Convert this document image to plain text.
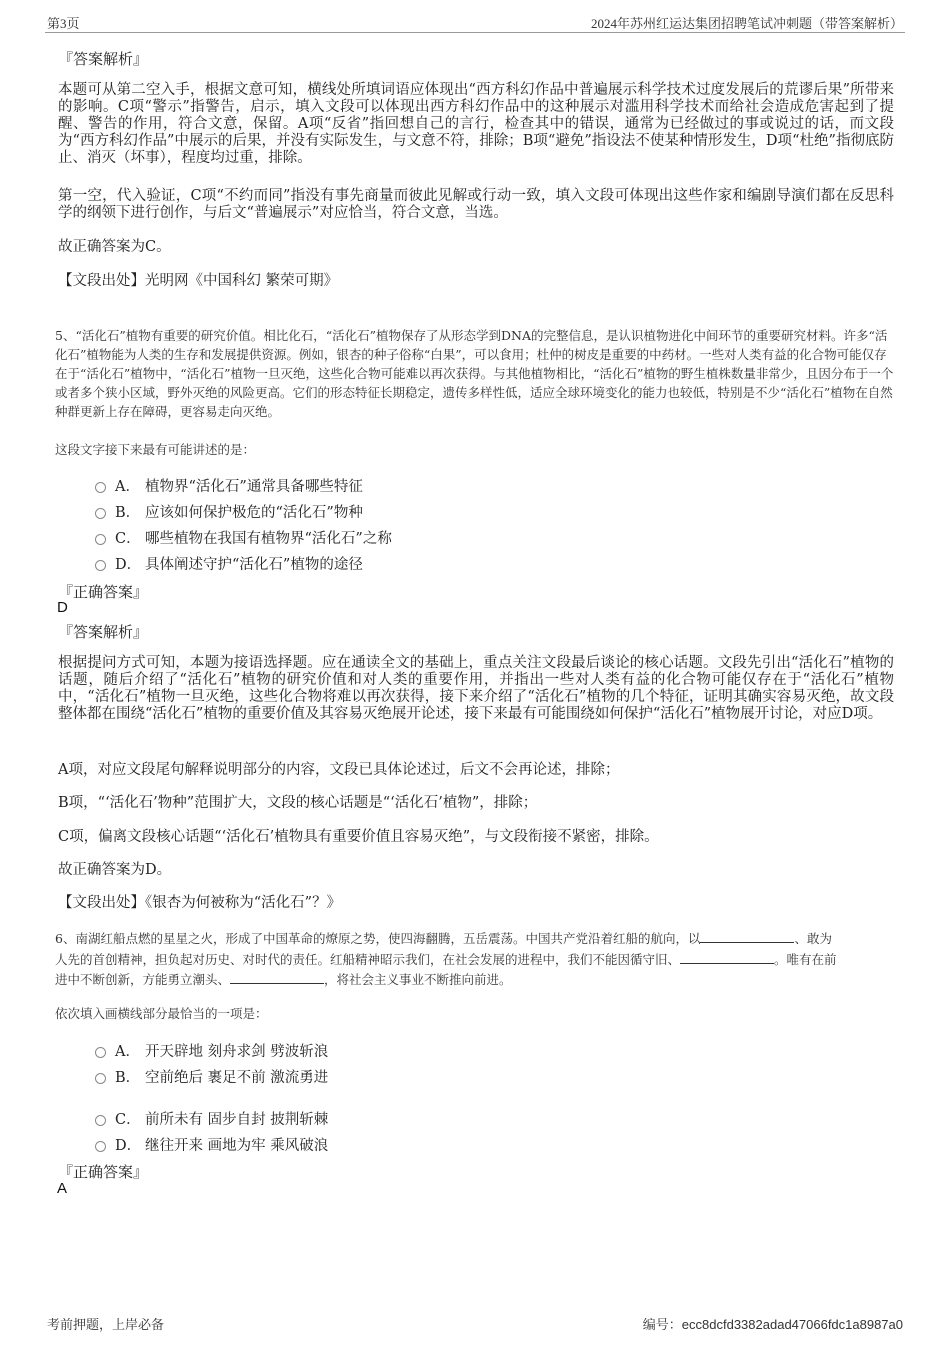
第3页	2024年苏州红运达集团招聘笔试冲刺题（带答案解析）
『答案解析』
本题可从第二空入手，根据文意可知，横线处所填词语应体现出“西方科幻作品中普遍展示科学技术过度发展后的荒谬后果”所带来的影响。C项“警示”指警告，启示，填入文段可以体现出西方科幻作品中的这种展示对滥用科学技术而给社会造成危害起到了提醒、警告的作用，符合文意，保留。A项“反省”指回想自己的言行，检查其中的错误，通常为已经做过的事或说过的话，而文段为“西方科幻作品”中展示的后果，并没有实际发生，与文意不符，排除；B项“避免”指设法不使某种情形发生，D项“杜绝”指彻底防止、消灭（坏事），程度均过重，排除。
第一空，代入验证，C项“不约而同”指没有事先商量而彼此见解或行动一致，填入文段可体现出这些作家和编剧导演们都在反思科学的纲领下进行创作，与后文“普遍展示”对应恰当，符合文意，当选。
故正确答案为C。
【文段出处】光明网《中国科幻 繁荣可期》
5、“活化石”植物有重要的研究价值。相比化石，“活化石”植物保存了从形态学到DNA的完整信息，是认识植物进化中间环节的重要研究材料。许多“活化石”植物能为人类的生存和发展提供资源。例如，银杏的种子俗称“白果”，可以食用；杜仲的树皮是重要的中药材。一些对人类有益的化合物可能仅存在于“活化石”植物中，“活化石”植物一旦灭绝，这些化合物可能难以再次获得。与其他植物相比，“活化石”植物的野生植株数量非常少，且因分布于一个或者多个狭小区域，野外灭绝的风险更高。它们的形态特征长期稳定，遗传多样性低，适应全球环境变化的能力也较低，特别是不少“活化石”植物在自然种群更新上存在障碍，更容易走向灭绝。
这段文字接下来最有可能讲述的是：
A． 植物界“活化石”通常具备哪些特征
B． 应该如何保护极危的“活化石”物种
C． 哪些植物在我国有植物界“活化石”之称
D． 具体阐述守护“活化石”植物的途径
『正确答案』
D
『答案解析』
根据提问方式可知，本题为接语选择题。应在通读全文的基础上，重点关注文段最后谈论的核心话题。文段先引出“活化石”植物的话题，随后介绍了“活化石”植物的研究价值和对人类的重要作用，并指出一些对人类有益的化合物可能仅存在于“活化石”植物中，“活化石”植物一旦灭绝，这些化合物将难以再次获得，接下来介绍了“活化石”植物的几个特征，证明其确实容易灭绝，故文段整体都在围绕“活化石”植物的重要价值及其容易灭绝展开论述，接下来最有可能围绕如何保护“活化石”植物展开讨论，对应D项。
A项，对应文段尾句解释说明部分的内容，文段已具体论述过，后文不会再论述，排除；
B项，“‘活化石’物种”范围扩大，文段的核心话题是“‘活化石’植物”，排除；
C项，偏离文段核心话题“‘活化石’植物具有重要价值且容易灭绝”，与文段衔接不紧密，排除。
故正确答案为D。
【文段出处】《银杏为何被称为“活化石”？》
6、南湖红船点燃的星星之火，形成了中国革命的燎原之势，使四海翻腾，五岳震荡。中国共产党沿着红船的航向，以	、敢为
人先的首创精神，担负起对历史、对时代的责任。红船精神昭示我们，在社会发展的进程中，我们不能因循守旧、	。唯有在前
进中不断创新，方能勇立潮头、	，将社会主义事业不断推向前进。
依次填入画横线部分最恰当的一项是：
A． 开天辟地 刻舟求剑 劈波斩浪
B． 空前绝后 裹足不前 激流勇进
C． 前所未有 固步自封 披荆斩棘
D． 继往开来 画地为牢 乘风破浪
『正确答案』
A
考前押题，上岸必备	编号：ecc8dcfd3382adad47066fdc1a8987a0
